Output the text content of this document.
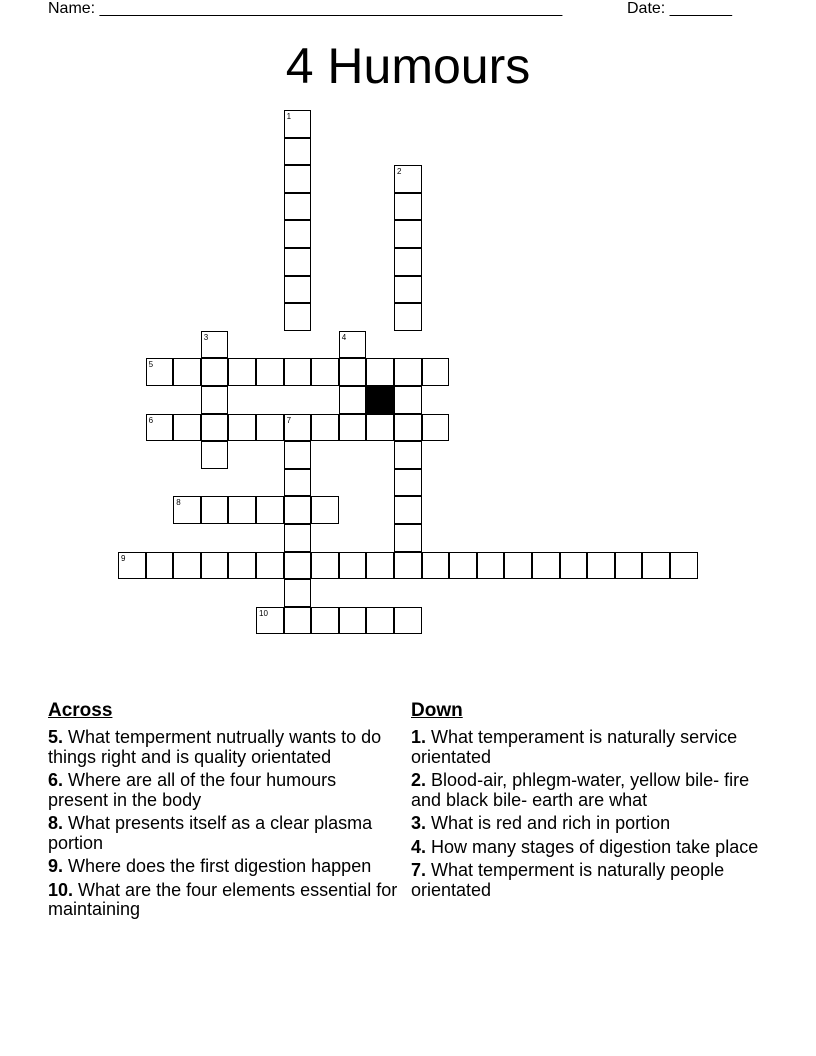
Name: ____________________________________________________	Date: _______
4 Humours
1
2
3	4
5
6	7
8
9
10
Across
5. What temperment nutrually wants to do things right and is quality orientated
6. Where are all of the four humours present in the body
8. What presents itself as a clear plasma portion
9. Where does the first digestion happen
10. What are the four elements essential for maintaining
Down
1. What temperament is naturally service orientated
2. Blood-air, phlegm-water, yellow bile- fire and black bile- earth are what
3. What is red and rich in portion
4. How many stages of digestion take place
7. What temperment is naturally people orientated
